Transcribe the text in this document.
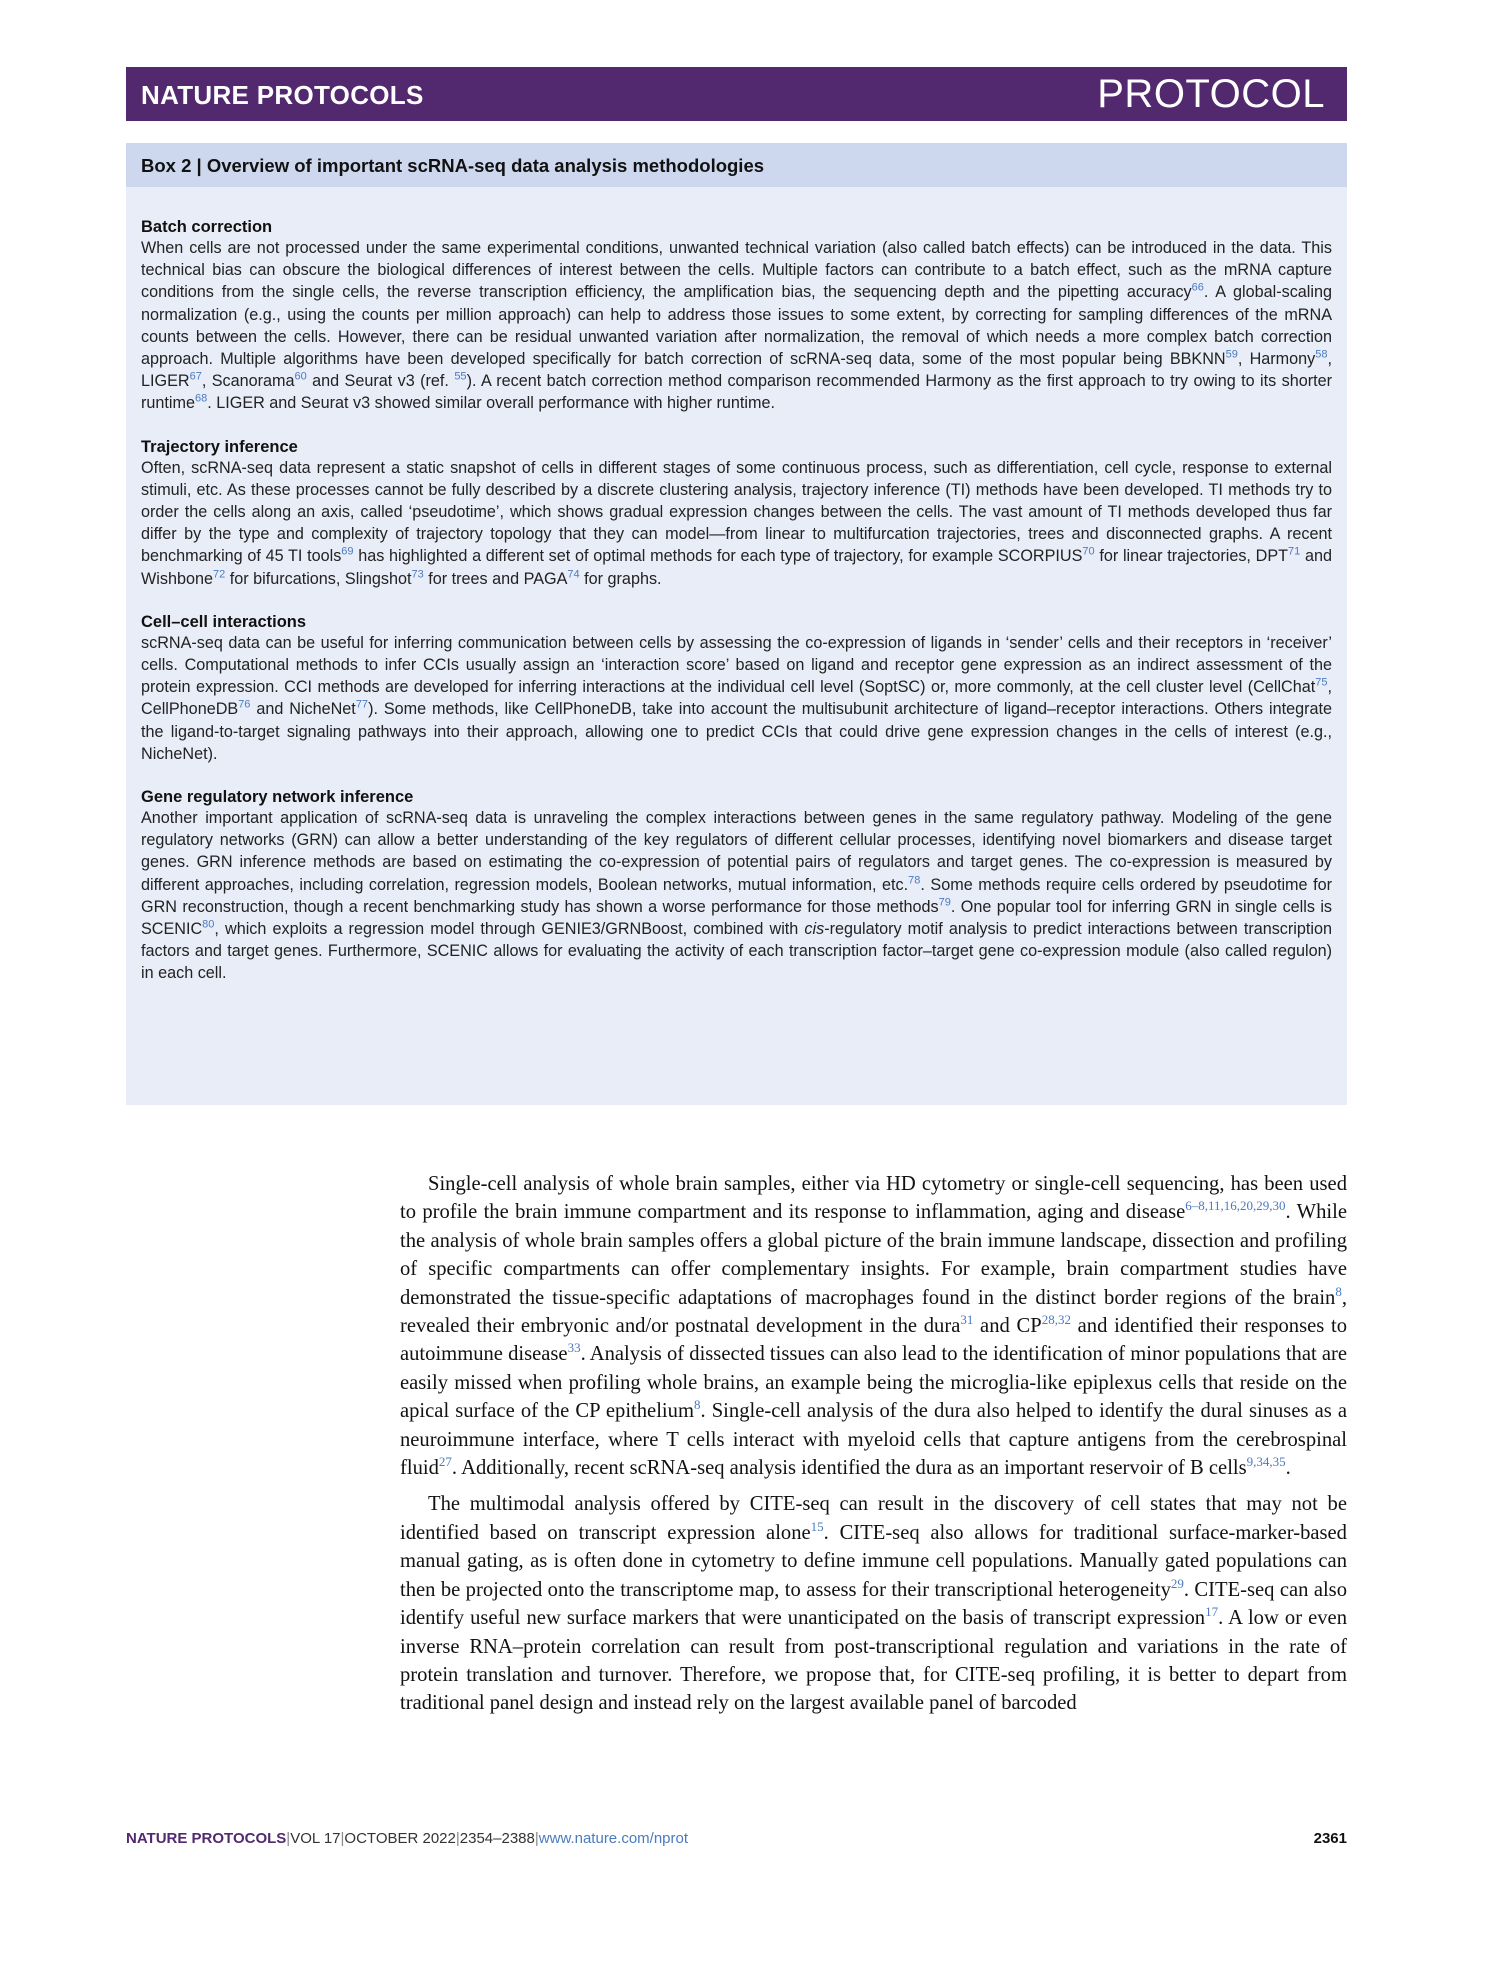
NATURE PROTOCOLS	PROTOCOL
Box 2 | Overview of important scRNA-seq data analysis methodologies
Batch correction
When cells are not processed under the same experimental conditions, unwanted technical variation (also called batch effects) can be introduced in the data. This technical bias can obscure the biological differences of interest between the cells. Multiple factors can contribute to a batch effect, such as the mRNA capture conditions from the single cells, the reverse transcription efficiency, the amplification bias, the sequencing depth and the pipetting accuracy$^{66}$. A global-scaling normalization (e.g., using the counts per million approach) can help to address those issues to some extent, by correcting for sampling differences of the mRNA counts between the cells. However, there can be residual unwanted variation after normalization, the removal of which needs a more complex batch correction approach. Multiple algorithms have been developed specifically for batch correction of scRNA-seq data, some of the most popular being BBKNN$^{59}$, Harmony$^{58}$, LIGER$^{67}$, Scanorama$^{60}$ and Seurat v3 (ref. $^{55}$). A recent batch correction method comparison recommended Harmony as the first approach to try owing to its shorter runtime$^{68}$. LIGER and Seurat v3 showed similar overall performance with higher runtime.
Trajectory inference
Often, scRNA-seq data represent a static snapshot of cells in different stages of some continuous process, such as differentiation, cell cycle, response to external stimuli, etc. As these processes cannot be fully described by a discrete clustering analysis, trajectory inference (TI) methods have been developed. TI methods try to order the cells along an axis, called ‘pseudotime’, which shows gradual expression changes between the cells. The vast amount of TI methods developed thus far differ by the type and complexity of trajectory topology that they can model—from linear to multifurcation trajectories, trees and disconnected graphs. A recent benchmarking of 45 TI tools$^{69}$ has highlighted a different set of optimal methods for each type of trajectory, for example SCORPIUS$^{70}$ for linear trajectories, DPT$^{71}$ and Wishbone$^{72}$ for bifurcations, Slingshot$^{73}$ for trees and PAGA$^{74}$ for graphs.
Cell–cell interactions
scRNA-seq data can be useful for inferring communication between cells by assessing the co-expression of ligands in ‘sender’ cells and their receptors in ‘receiver’ cells. Computational methods to infer CCIs usually assign an ‘interaction score’ based on ligand and receptor gene expression as an indirect assessment of the protein expression. CCI methods are developed for inferring interactions at the individual cell level (SoptSC) or, more commonly, at the cell cluster level (CellChat$^{75}$, CellPhoneDB$^{76}$ and NicheNet$^{77}$). Some methods, like CellPhoneDB, take into account the multisubunit architecture of ligand–receptor interactions. Others integrate the ligand-to-target signaling pathways into their approach, allowing one to predict CCIs that could drive gene expression changes in the cells of interest (e.g., NicheNet).
Gene regulatory network inference
Another important application of scRNA-seq data is unraveling the complex interactions between genes in the same regulatory pathway. Modeling of the gene regulatory networks (GRN) can allow a better understanding of the key regulators of different cellular processes, identifying novel biomarkers and disease target genes. GRN inference methods are based on estimating the co-expression of potential pairs of regulators and target genes. The co-expression is measured by different approaches, including correlation, regression models, Boolean networks, mutual information, etc.$^{78}$. Some methods require cells ordered by pseudotime for GRN reconstruction, though a recent benchmarking study has shown a worse performance for those methods$^{79}$. One popular tool for inferring GRN in single cells is SCENIC$^{80}$, which exploits a regression model through GENIE3/GRNBoost, combined with cis-regulatory motif analysis to predict interactions between transcription factors and target genes. Furthermore, SCENIC allows for evaluating the activity of each transcription factor–target gene co-expression module (also called regulon) in each cell.

Single-cell analysis of whole brain samples, either via HD cytometry or single-cell sequencing, has been used to profile the brain immune compartment and its response to inflammation, aging and disease$^{6-8,11,16,20,29,30}$. While the analysis of whole brain samples offers a global picture of the brain immune landscape, dissection and profiling of specific compartments can offer complementary insights. For example, brain compartment studies have demonstrated the tissue-specific adaptations of macrophages found in the distinct border regions of the brain$^8$, revealed their embryonic and/or postnatal development in the dura$^{31}$ and CP$^{28,32}$ and identified their responses to autoimmune disease$^{33}$. Analysis of dissected tissues can also lead to the identification of minor populations that are easily missed when profiling whole brains, an example being the microglia-like epiplexus cells that reside on the apical surface of the CP epithelium$^8$. Single-cell analysis of the dura also helped to identify the dural sinuses as a neuroimmune interface, where T cells interact with myeloid cells that capture antigens from the cerebrospinal fluid$^{27}$. Additionally, recent scRNA-seq analysis identified the dura as an important reservoir of B cells$^{9,34,35}$.

The multimodal analysis offered by CITE-seq can result in the discovery of cell states that may not be identified based on transcript expression alone$^{15}$. CITE-seq also allows for traditional surface-marker-based manual gating, as is often done in cytometry to define immune cell populations. Manually gated populations can then be projected onto the transcriptome map, to assess for their transcriptional heterogeneity$^{29}$. CITE-seq can also identify useful new surface markers that were unanticipated on the basis of transcript expression$^{17}$. A low or even inverse RNA–protein correlation can result from post-transcriptional regulation and variations in the rate of protein translation and turnover. Therefore, we propose that, for CITE-seq profiling, it is better to depart from traditional panel design and instead rely on the largest available panel of barcoded

NATURE PROTOCOLS|VOL 17|OCTOBER 2022|2354–2388|www.nature.com/nprot	2361
